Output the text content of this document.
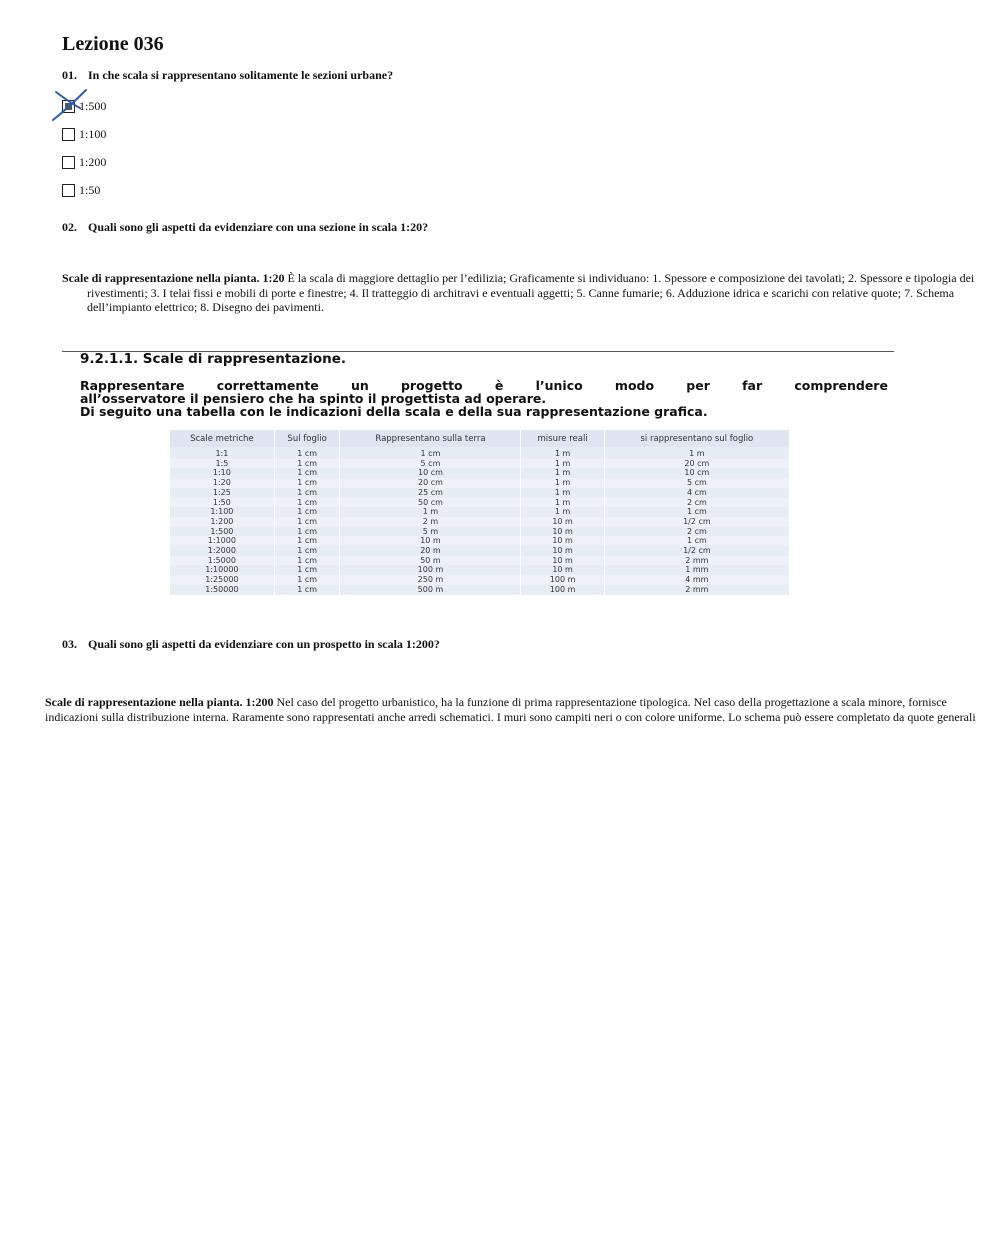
Lezione 036
01. In che scala si rappresentano solitamente le sezioni urbane?
1:500
1:100
1:200
1:50
02. Quali sono gli aspetti da evidenziare con una sezione in scala 1:20?
Scale di rappresentazione nella pianta. 1:20 È la scala di maggiore dettaglio per l’edilizia; Graficamente si individuano: 1. Spessore e composizione dei tavolati; 2. Spessore e tipologia dei rivestimenti; 3. I telai fissi e mobili di porte e finestre; 4. Il tratteggio di architravi e eventuali aggetti; 5. Canne fumarie; 6. Adduzione idrica e scarichi con relative quote; 7. Schema dell’impianto elettrico; 8. Disegno dei pavimenti.
9.2.1.1. Scale di rappresentazione.
Rappresentare	correttamente	un	progetto	è	l’unico	modo	per	far	comprendere
all’osservatore il pensiero che ha spinto il progettista ad operare.
Di seguito una tabella con le indicazioni della scala e della sua rappresentazione grafica.
Scale metriche	Sul foglio	Rappresentano sulla terra	misure reali	si rappresentano sul foglio
1:1	1 cm	1 cm	1 m	1 m
1:5	1 cm	5 cm	1 m	20 cm
1:10	1 cm	10 cm	1 m	10 cm
1:20	1 cm	20 cm	1 m	5 cm
1:25	1 cm	25 cm	1 m	4 cm
1:50	1 cm	50 cm	1 m	2 cm
1:100	1 cm	1 m	1 m	1 cm
1:200	1 cm	2 m	10 m	1/2 cm
1:500	1 cm	5 m	10 m	2 cm
1:1000	1 cm	10 m	10 m	1 cm
1:2000	1 cm	20 m	10 m	1/2 cm
1:5000	1 cm	50 m	10 m	2 mm
1:10000	1 cm	100 m	10 m	1 mm
1:25000	1 cm	250 m	100 m	4 mm
1:50000	1 cm	500 m	100 m	2 mm
03. Quali sono gli aspetti da evidenziare con un prospetto in scala 1:200?
Scale di rappresentazione nella pianta. 1:200 Nel caso del progetto urbanistico, ha la funzione di prima rappresentazione tipologica. Nel caso della progettazione a scala minore, fornisce indicazioni sulla distribuzione interna. Raramente sono rappresentati anche arredi schematici. I muri sono campiti neri o con colore uniforme. Lo schema può essere completato da quote generali
